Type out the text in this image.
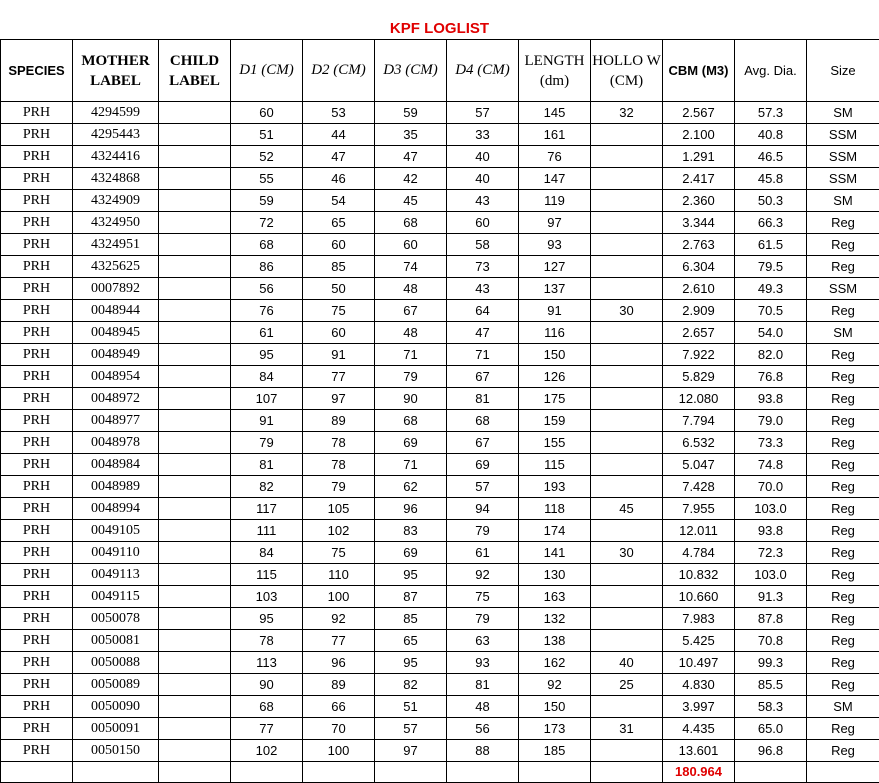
KPF LOGLIST
SPECIES	MOTHER LABEL	CHILD LABEL	D1 (CM)	D2 (CM)	D3 (CM)	D4 (CM)	LENGTH (dm)	HOLLO W (CM)	CBM (M3)	Avg. Dia.	Size
PRH	4294599		60	53	59	57	145	32	2.567	57.3	SM
PRH	4295443		51	44	35	33	161		2.100	40.8	SSM
PRH	4324416		52	47	47	40	76		1.291	46.5	SSM
PRH	4324868		55	46	42	40	147		2.417	45.8	SSM
PRH	4324909		59	54	45	43	119		2.360	50.3	SM
PRH	4324950		72	65	68	60	97		3.344	66.3	Reg
PRH	4324951		68	60	60	58	93		2.763	61.5	Reg
PRH	4325625		86	85	74	73	127		6.304	79.5	Reg
PRH	0007892		56	50	48	43	137		2.610	49.3	SSM
PRH	0048944		76	75	67	64	91	30	2.909	70.5	Reg
PRH	0048945		61	60	48	47	116		2.657	54.0	SM
PRH	0048949		95	91	71	71	150		7.922	82.0	Reg
PRH	0048954		84	77	79	67	126		5.829	76.8	Reg
PRH	0048972		107	97	90	81	175		12.080	93.8	Reg
PRH	0048977		91	89	68	68	159		7.794	79.0	Reg
PRH	0048978		79	78	69	67	155		6.532	73.3	Reg
PRH	0048984		81	78	71	69	115		5.047	74.8	Reg
PRH	0048989		82	79	62	57	193		7.428	70.0	Reg
PRH	0048994		117	105	96	94	118	45	7.955	103.0	Reg
PRH	0049105		111	102	83	79	174		12.011	93.8	Reg
PRH	0049110		84	75	69	61	141	30	4.784	72.3	Reg
PRH	0049113		115	110	95	92	130		10.832	103.0	Reg
PRH	0049115		103	100	87	75	163		10.660	91.3	Reg
PRH	0050078		95	92	85	79	132		7.983	87.8	Reg
PRH	0050081		78	77	65	63	138		5.425	70.8	Reg
PRH	0050088		113	96	95	93	162	40	10.497	99.3	Reg
PRH	0050089		90	89	82	81	92	25	4.830	85.5	Reg
PRH	0050090		68	66	51	48	150		3.997	58.3	SM
PRH	0050091		77	70	57	56	173	31	4.435	65.0	Reg
PRH	0050150		102	100	97	88	185		13.601	96.8	Reg
									180.964		
